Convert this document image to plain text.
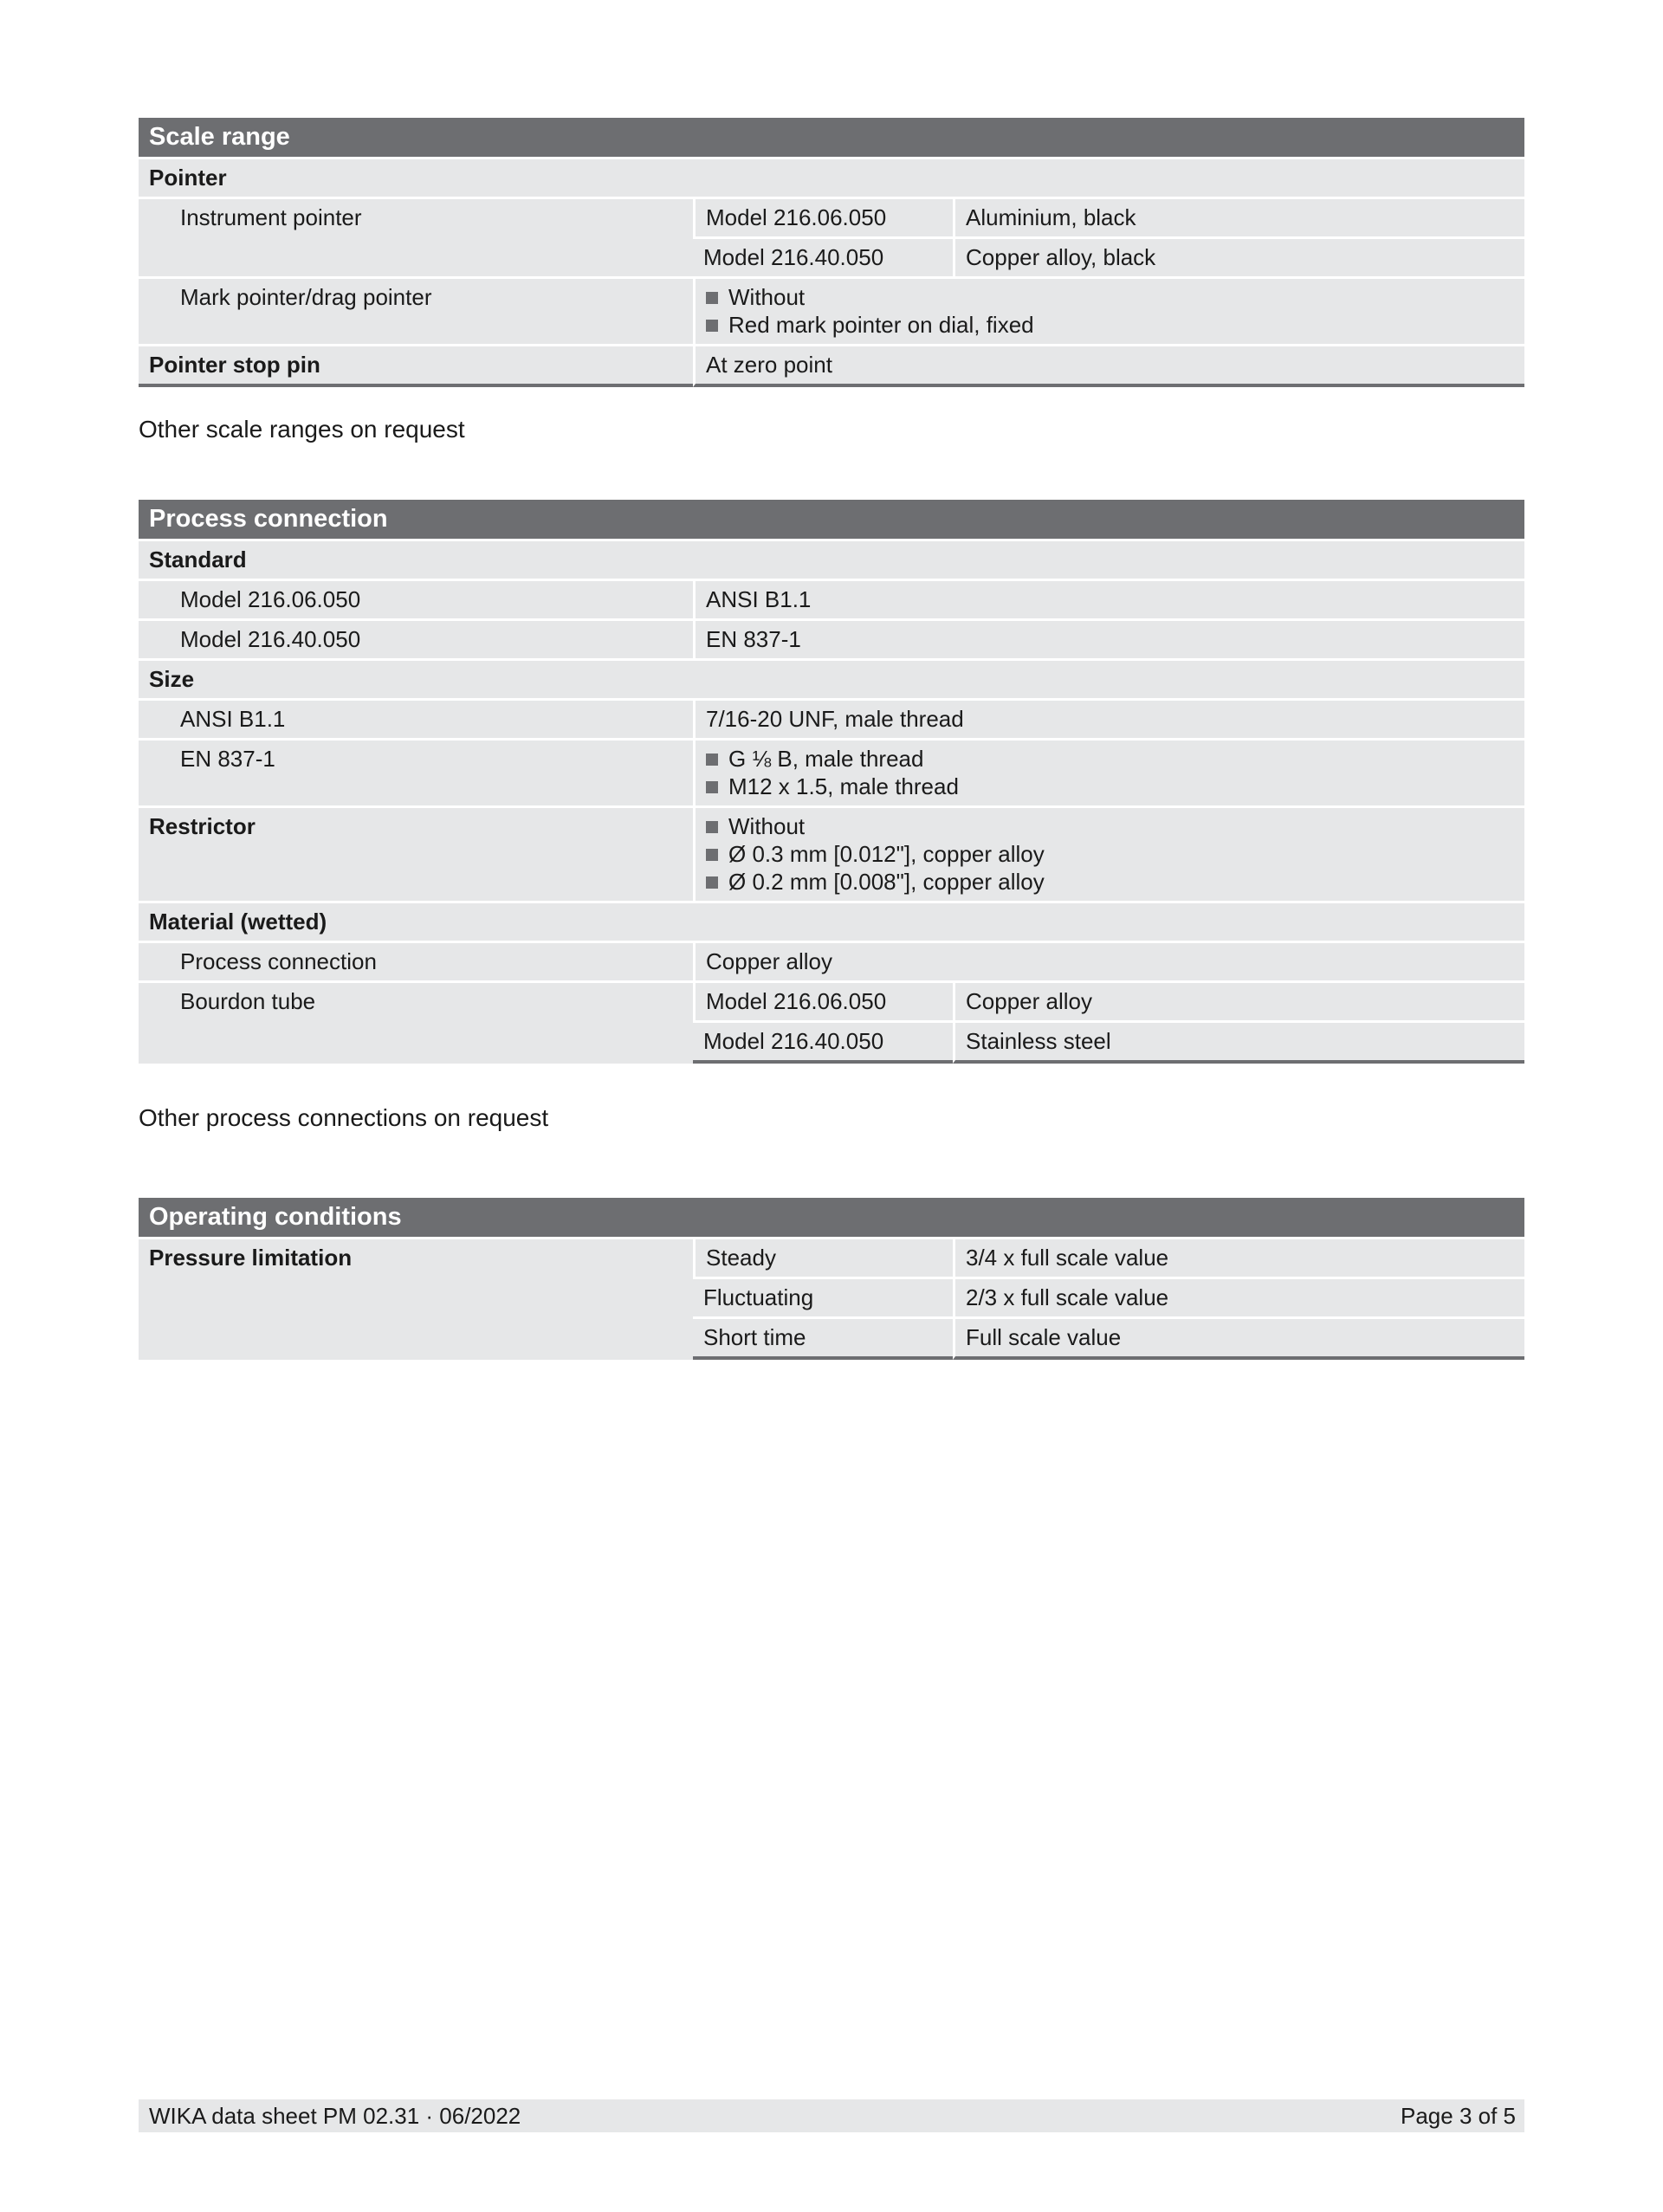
Scale range		
Pointer		
Instrument pointer	Model 216.06.050	Aluminium, black
	Model 216.40.050	Copper alloy, black
Mark pointer/drag pointer	Without
Red mark pointer on dial, fixed	

Pointer stop pin	At zero point	
Other scale ranges on request
Process connection		
Standard		
Model 216.06.050	ANSI B1.1	
Model 216.40.050	EN 837-1	
Size		
ANSI B1.1	7/16-20 UNF, male thread	
EN 837-1	G ⅛ B, male thread
M12 x 1.5, male thread	

Restrictor	Without
Ø 0.3 mm [0.012"], copper alloy
Ø 0.2 mm [0.008"], copper alloy	

Material (wetted)		
Process connection	Copper alloy	
Bourdon tube	Model 216.06.050	Copper alloy
	Model 216.40.050	Stainless steel
Other process connections on request
Operating conditions		
Pressure limitation	Steady	3/4 x full scale value
	Fluctuating	2/3 x full scale value
	Short time	Full scale value
WIKA data sheet PM 02.31 · 06/2022	Page 3 of 5
